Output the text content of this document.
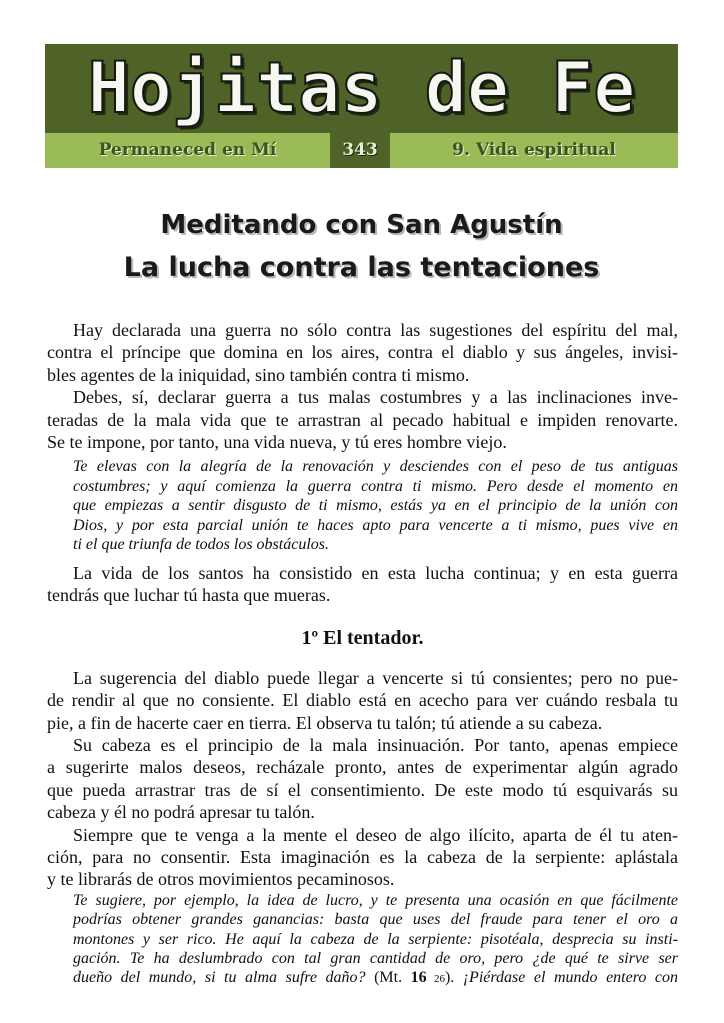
Hojitas de Fe
Permaneced en Mí	343	9. Vida espiritual
Meditando con San Agustín
La lucha contra las tentaciones

Hay declarada una guerra no sólo contra las sugestiones del espíritu del mal,
contra el príncipe que domina en los aires, contra el diablo y sus ángeles, invisi-
bles agentes de la iniquidad, sino también contra ti mismo.

Debes, sí, declarar guerra a tus malas costumbres y a las inclinaciones inve-
teradas de la mala vida que te arrastran al pecado habitual e impiden renovarte.
Se te impone, por tanto, una vida nueva, y tú eres hombre viejo.

Te elevas con la alegría de la renovación y desciendes con el peso de tus antiguas
costumbres; y aquí comienza la guerra contra ti mismo. Pero desde el momento en
que empiezas a sentir disgusto de ti mismo, estás ya en el principio de la unión con
Dios, y por esta parcial unión te haces apto para vencerte a ti mismo, pues vive en
ti el que triunfa de todos los obstáculos.

La vida de los santos ha consistido en esta lucha continua; y en esta guerra
tendrás que luchar tú hasta que mueras.

1º El tentador.

La sugerencia del diablo puede llegar a vencerte si tú consientes; pero no pue-
de rendir al que no consiente. El diablo está en acecho para ver cuándo resbala tu
pie, a fin de hacerte caer en tierra. El observa tu talón; tú atiende a su cabeza.

Su cabeza es el principio de la mala insinuación. Por tanto, apenas empiece
a sugerirte malos deseos, recházale pronto, antes de experimentar algún agrado
que pueda arrastrar tras de sí el consentimiento. De este modo tú esquivarás su
cabeza y él no podrá apresar tu talón.

Siempre que te venga a la mente el deseo de algo ilícito, aparta de él tu aten-
ción, para no consentir. Esta imaginación es la cabeza de la serpiente: aplástala
y te librarás de otros movimientos pecaminosos.

Te sugiere, por ejemplo, la idea de lucro, y te presenta una ocasión en que fácilmente
podrías obtener grandes ganancias: basta que uses del fraude para tener el oro a
montones y ser rico. He aquí la cabeza de la serpiente: pisotéala, desprecia su insti-
gación. Te ha deslumbrado con tal gran cantidad de oro, pero ¿de qué te sirve ser
dueño del mundo, si tu alma sufre daño? (Mt. 16 26). ¡Piérdase el mundo entero con
